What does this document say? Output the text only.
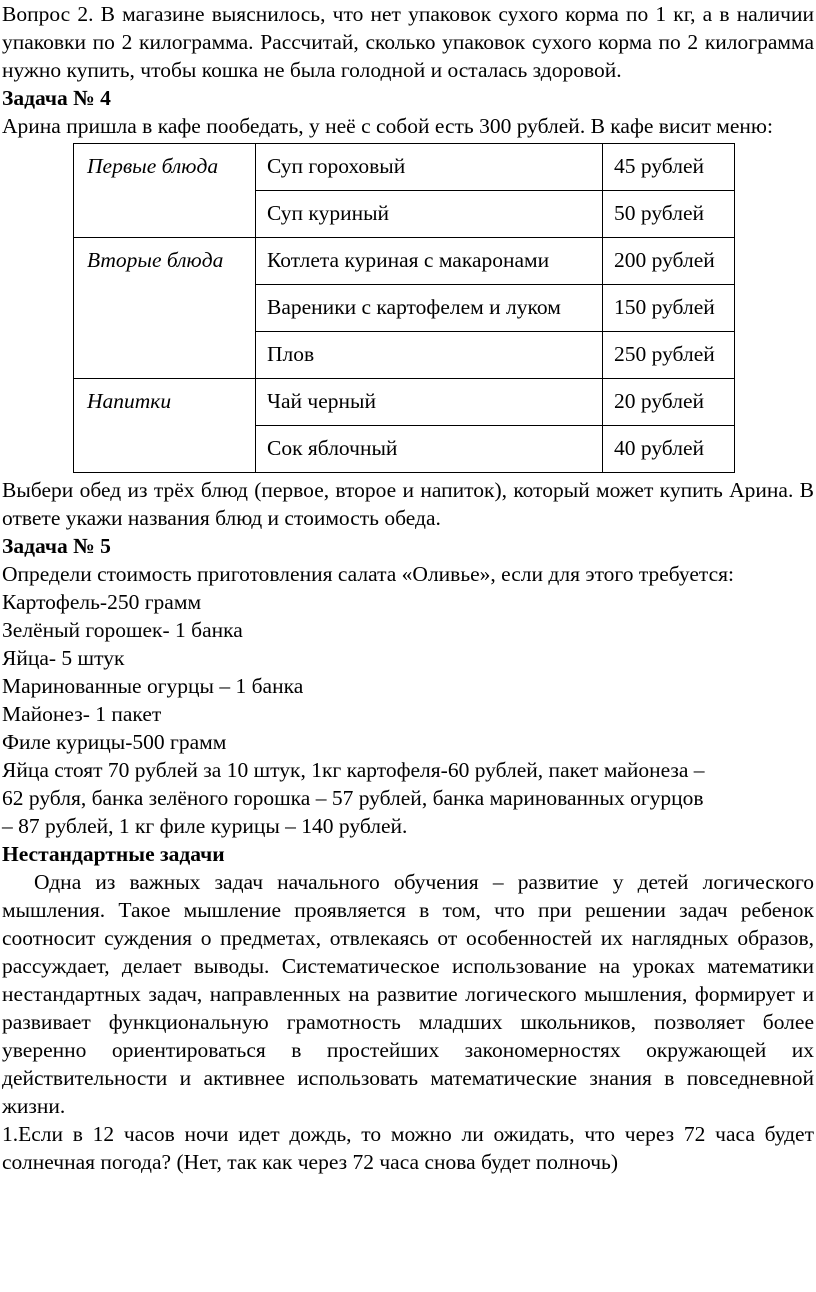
Вопрос 2. В магазине выяснилось, что нет упаковок сухого корма по 1 кг, а в наличии упаковки по 2 килограмма. Рассчитай, сколько упаковок сухого корма по 2 килограмма нужно купить, чтобы кошка не была голодной и осталась здоровой.

Задача № 4

Арина пришла в кафе пообедать, у неё с собой есть 300 рублей. В кафе висит меню:

Первые блюда	Суп гороховый	45 рублей
	Суп куриный	50 рублей
Вторые блюда	Котлета куриная с макаронами	200 рублей
	Вареники с картофелем и луком	150 рублей
	Плов	250 рублей
Напитки	Чай черный	20 рублей
	Сок яблочный	40 рублей

Выбери обед из трёх блюд (первое, второе и напиток), который может купить Арина. В ответе укажи названия блюд и стоимость обеда.

Задача № 5

Определи стоимость приготовления салата «Оливье», если для этого требуется:

Картофель-250 грамм

Зелёный горошек- 1 банка

Яйца- 5 штук

Маринованные огурцы – 1 банка

Майонез- 1 пакет

Филе курицы-500 грамм

Яйца стоят 70 рублей за 10 штук, 1кг картофеля-60 рублей, пакет майонеза –

62 рубля, банка зелёного горошка – 57 рублей, банка маринованных огурцов

– 87 рублей, 1 кг филе курицы – 140 рублей.

Нестандартные задачи

Одна из важных задач начального обучения – развитие у детей логического мышления. Такое мышление проявляется в том, что при решении задач ребенок соотносит суждения о предметах, отвлекаясь от особенностей их наглядных образов, рассуждает, делает выводы. Систематическое использование на уроках математики нестандартных задач, направленных на развитие логического мышления, формирует и развивает функциональную грамотность младших школьников, позволяет более уверенно ориентироваться в простейших закономерностях окружающей их действительности и активнее использовать математические знания в повседневной жизни.

1.Если в 12 часов ночи идет дождь, то можно ли ожидать, что через 72 часа будет солнечная погода? (Нет, так как через 72 часа снова будет полночь)
